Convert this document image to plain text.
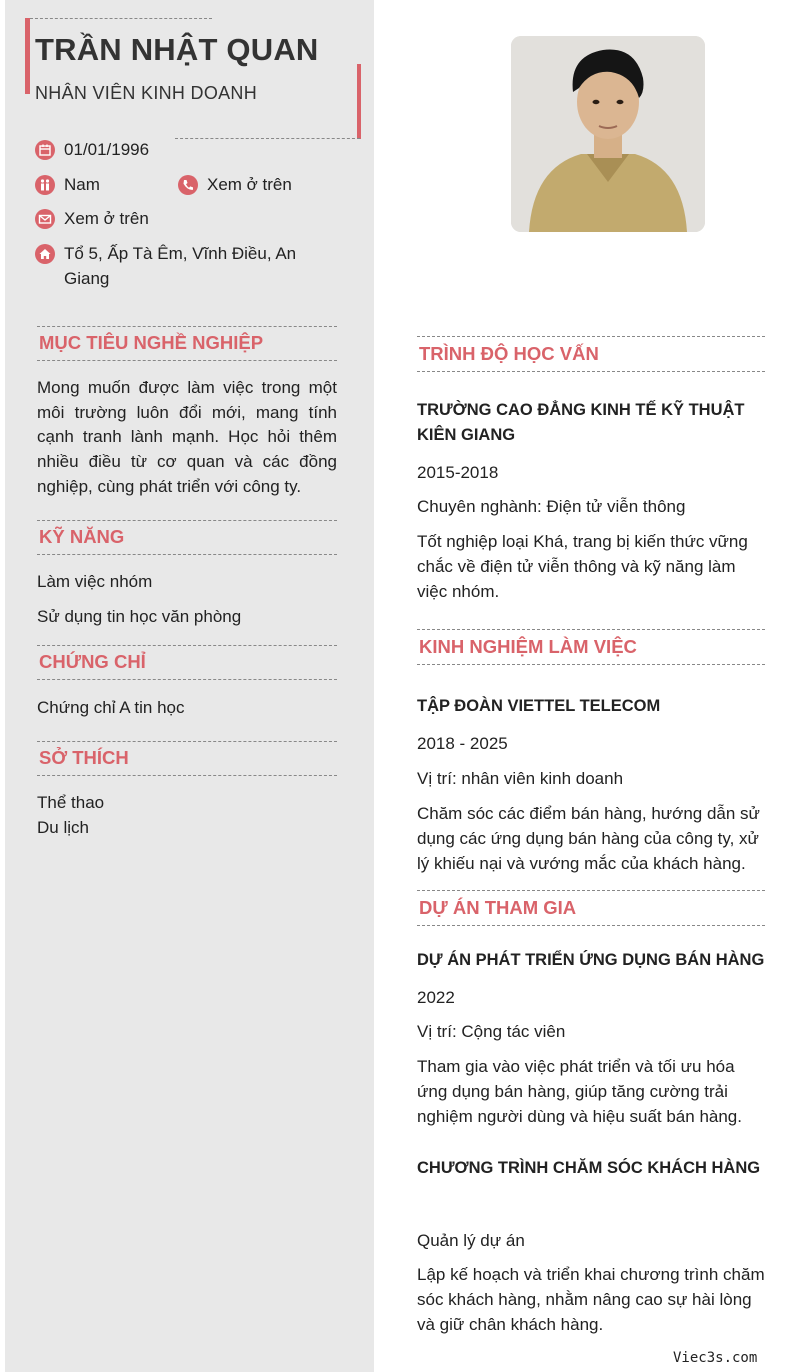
TRẦN NHẬT QUAN
NHÂN VIÊN KINH DOANH
01/01/1996
Nam	Xem ở trên
Xem ở trên
Tổ 5, Ấp Tà Êm, Vĩnh Điều, An Giang
MỤC TIÊU NGHỀ NGHIỆP
Mong muốn được làm việc trong một môi trường luôn đổi mới, mang tính cạnh tranh lành mạnh. Học hỏi thêm nhiều điều từ cơ quan và các đồng nghiệp, cùng phát triển với công ty.
KỸ NĂNG
Làm việc nhóm
Sử dụng tin học văn phòng
CHỨNG CHỈ
Chứng chỉ A tin học
SỞ THÍCH
Thể thao
Du lịch
TRÌNH ĐỘ HỌC VẤN
TRƯỜNG CAO ĐẲNG KINH TẾ KỸ THUẬT KIÊN GIANG
2015-2018
Chuyên nghành: Điện tử viễn thông
Tốt nghiệp loại Khá, trang bị kiến thức vững chắc về điện tử viễn thông và kỹ năng làm việc nhóm.
KINH NGHIỆM LÀM VIỆC
TẬP ĐOÀN VIETTEL TELECOM
2018 - 2025
Vị trí: nhân viên kinh doanh
Chăm sóc các điểm bán hàng, hướng dẫn sử dụng các ứng dụng bán hàng của công ty, xử lý khiếu nại và vướng mắc của khách hàng.
DỰ ÁN THAM GIA
DỰ ÁN PHÁT TRIỂN ỨNG DỤNG BÁN HÀNG
2022
Vị trí: Cộng tác viên
Tham gia vào việc phát triển và tối ưu hóa ứng dụng bán hàng, giúp tăng cường trải nghiệm người dùng và hiệu suất bán hàng.
CHƯƠNG TRÌNH CHĂM SÓC KHÁCH HÀNG
Quản lý dự án
Lập kế hoạch và triển khai chương trình chăm sóc khách hàng, nhằm nâng cao sự hài lòng và giữ chân khách hàng.
Viec3s.com
